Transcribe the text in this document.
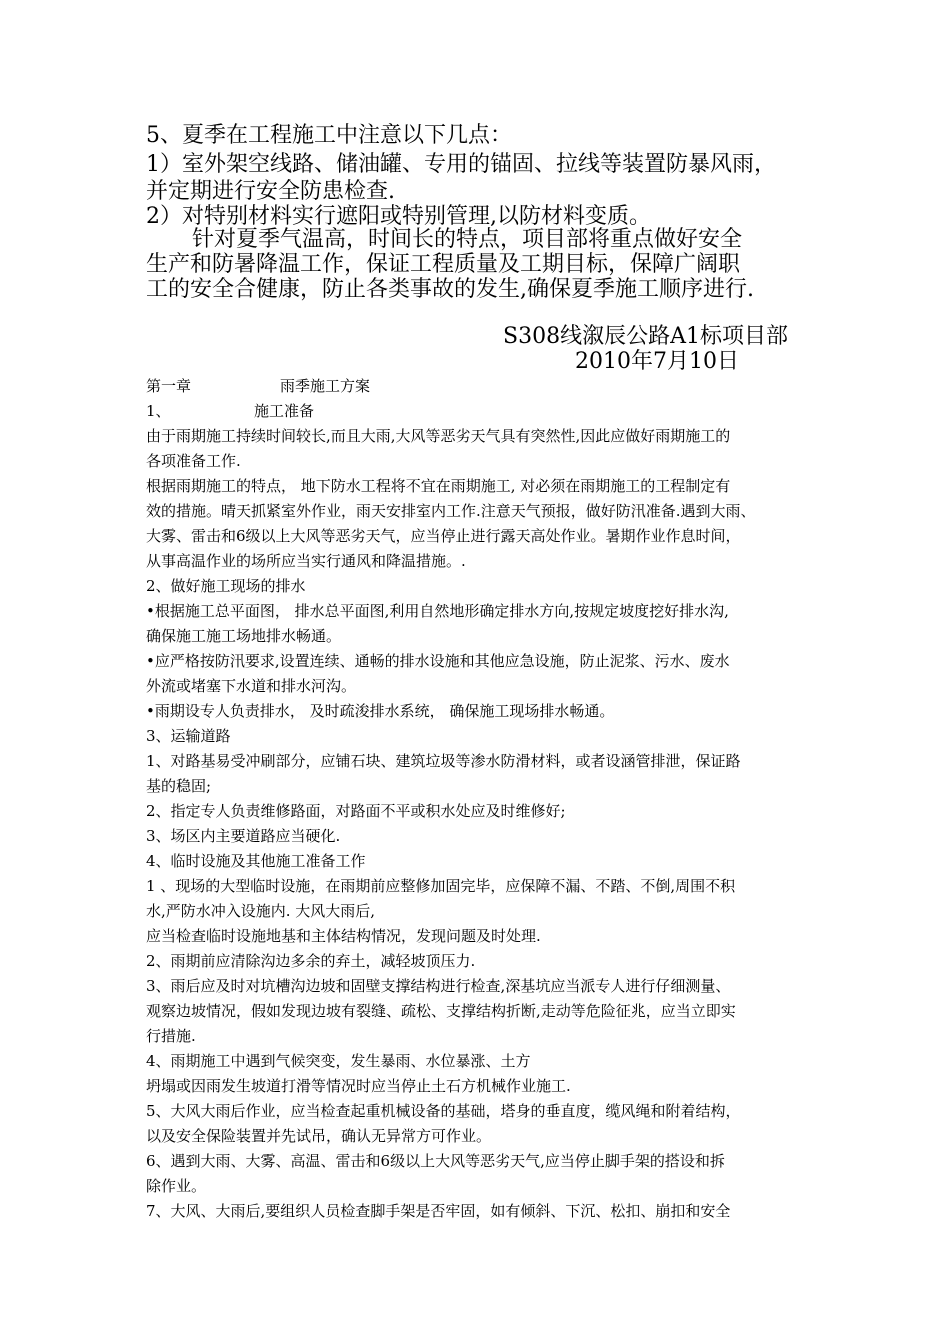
5、夏季在工程施工中注意以下几点：

1）室外架空线路、储油罐、专用的锚固、拉线等装置防暴风雨，

并定期进行安全防患检查.

2）对特别材料实行遮阳或特别管理,以防材料变质。

针对夏季气温高，时间长的特点，项目部将重点做好安全

生产和防暑降温工作，保证工程质量及工期目标，保障广阔职

工的安全合健康，防止各类事故的发生,确保夏季施工顺序进行.

S308线溆辰公路A1标项目部

2010年7月10日

第一章	雨季施工方案

1、	施工准备

由于雨期施工持续时间较长,而且大雨,大风等恶劣天气具有突然性,因此应做好雨期施工的

各项准备工作.

根据雨期施工的特点， 地下防水工程将不宜在雨期施工, 对必须在雨期施工的工程制定有

效的措施。晴天抓紧室外作业，雨天安排室内工作.注意天气预报，做好防汛准备.遇到大雨、

大雾、雷击和6级以上大风等恶劣天气，应当停止进行露天高处作业。暑期作业作息时间，

从事高温作业的场所应当实行通风和降温措施。.

2、做好施工现场的排水

•根据施工总平面图， 排水总平面图,利用自然地形确定排水方向,按规定坡度挖好排水沟,

确保施工施工场地排水畅通。

•应严格按防汛要求,设置连续、通畅的排水设施和其他应急设施，防止泥浆、污水、废水

外流或堵塞下水道和排水河沟。

•雨期设专人负责排水， 及时疏浚排水系统， 确保施工现场排水畅通。

3、运输道路

1、对路基易受冲刷部分，应铺石块、建筑垃圾等渗水防滑材料，或者设涵管排泄，保证路

基的稳固;

2、指定专人负责维修路面，对路面不平或积水处应及时维修好;

3、场区内主要道路应当硬化.

4、临时设施及其他施工准备工作

1 、现场的大型临时设施，在雨期前应整修加固完毕，应保障不漏、不踏、不倒,周围不积

水,严防水冲入设施内. 大风大雨后,

应当检查临时设施地基和主体结构情况，发现问题及时处理.

2、雨期前应清除沟边多余的弃土，减轻坡顶压力.

3、雨后应及时对坑槽沟边坡和固壁支撑结构进行检查,深基坑应当派专人进行仔细测量、

观察边坡情况，假如发现边坡有裂缝、疏松、支撑结构折断,走动等危险征兆，应当立即实

行措施.

4、雨期施工中遇到气候突变，发生暴雨、水位暴涨、土方

坍塌或因雨发生坡道打滑等情况时应当停止土石方机械作业施工.

5、大风大雨后作业，应当检查起重机械设备的基础，塔身的垂直度，缆风绳和附着结构，

以及安全保险装置并先试吊，确认无异常方可作业。

6、遇到大雨、大雾、高温、雷击和6级以上大风等恶劣天气,应当停止脚手架的搭设和拆

除作业。

7、大风、大雨后,要组织人员检查脚手架是否牢固，如有倾斜、下沉、松扣、崩扣和安全
